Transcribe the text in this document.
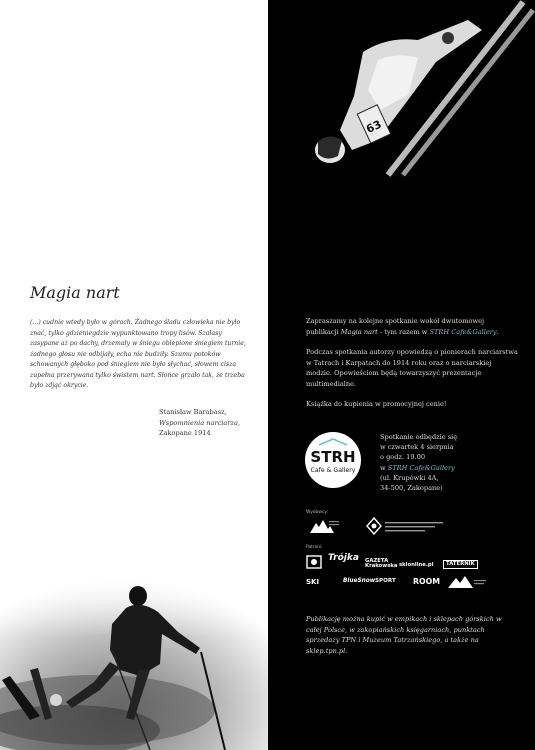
Magia nart
(...) cudnie wtedy było w górach. Żadnego śladu człowieka nie było znać, tylko gdzieniegdzie wypunktowano tropy lisów. Szałasy zasypane aż po dachy, drzemały w śniegu oblepione śniegiem turnie, żadnego głosu nie odbijały, echa nie budziły. Szumu potoków schowanych głęboko pod śniegiem nie było słychać, słowem cisza zupełna przerywana tylko świstem nart. Słońce grzało tak, że trzeba było zdjąć okrycie.
Stanisław Barabasz,
Wspomnienia narciarza,
Zakopane 1914
63

Zapraszamy na kolejne spotkanie wokół dwutomowej publikacji Magia nart - tym razem w STRH Cafe&Gallery.

Podczas spotkania autorzy opowiedzą o pionierach narciarstwa w Tatrach i Karpatach do 1914 roku oraz o narciarskiej modzie. Opowieściom będą towarzyszyć prezentacje multimedialne.

Książka do kupienia w promocyjnej cenie!

STRH
Cafe & Gallery
Spotkanie odbędzie się
w czwartek 4 sierpnia
o godz. 19.00
w STRH Cafe&Gallery
(ul. Krupówki 4A,
34-500, Zakopane)
Wydawcy:
Patroni:
Trójka GAZETA
Krakowska skionline.pl	TATERNIK
SKI	BlueSnow SPORT ROOM
Publikację można kupić w empikach i sklepach górskich w całej Polsce, w zakopiańskich księgarniach, punktach sprzedaży TPN i Muzeum Tatrzańskiego, a także na sklep.tpn.pl.
